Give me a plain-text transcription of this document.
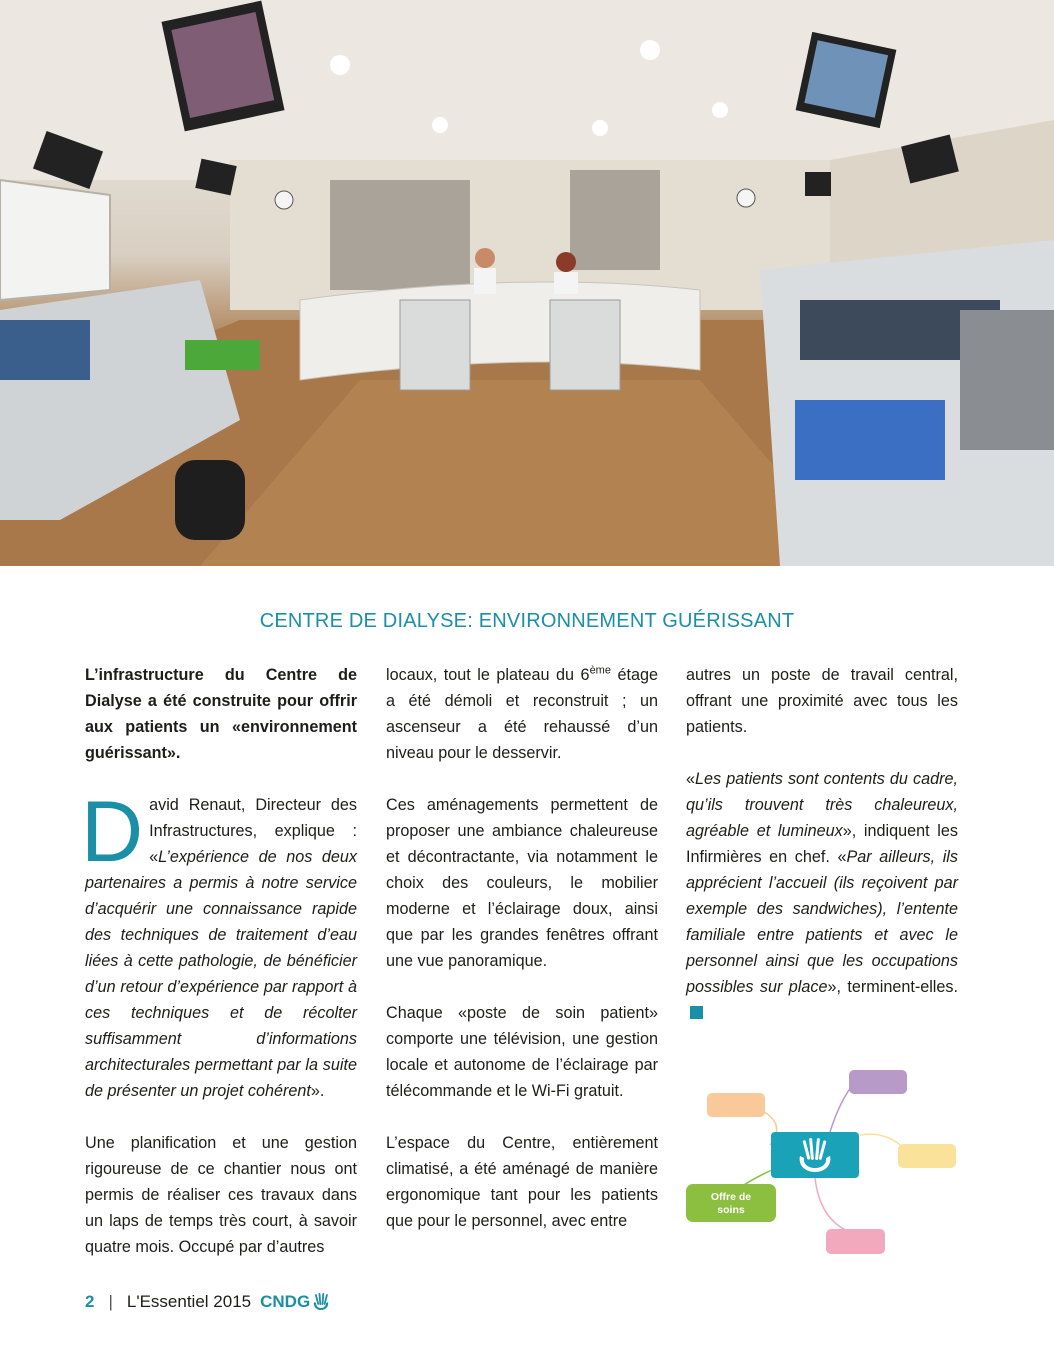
CENTRE DE DIALYSE: ENVIRONNEMENT GUÉRISSANT

L’infrastructure du Centre de Dialyse a été construite pour offrir aux patients un «environnement guérissant».

David Renaut, Directeur des Infrastructures, explique : «L’expérience de nos deux partenaires a permis à notre service d’acquérir une connaissance rapide des techniques de traitement d’eau liées à cette pathologie, de bénéficier d’un retour d’expérience par rapport à ces techniques et de récolter suffisamment d’informations architecturales permettant par la suite de présenter un projet cohérent».

Une planification et une gestion rigoureuse de ce chantier nous ont permis de réaliser ces travaux dans un laps de temps très court, à savoir quatre mois. Occupé par d’autres

locaux, tout le plateau du 6ème étage a été démoli et reconstruit ; un ascenseur a été rehaussé d’un niveau pour le desservir.

Ces aménagements permettent de proposer une ambiance chaleureuse et décontractante, via notamment le choix des couleurs, le mobilier moderne et l’éclairage doux, ainsi que par les grandes fenêtres offrant une vue panoramique.

Chaque «poste de soin patient» comporte une télévision, une gestion locale et autonome de l’éclairage par télécommande et le Wi-Fi gratuit.

L’espace du Centre, entièrement climatisé, a été aménagé de manière ergonomique tant pour les patients que pour le personnel, avec entre

autres un poste de travail central, offrant une proximité avec tous les patients.

«Les patients sont contents du cadre, qu’ils trouvent très chaleureux, agréable et lumineux», indiquent les Infirmières en chef. «Par ailleurs, ils apprécient l’accueil (ils reçoivent par exemple des sandwiches), l’entente familiale entre patients et avec le personnel ainsi que les occupations possibles sur place», terminent-elles.

Offre de
soins
2 | L'Essentiel 2015 CNDG
